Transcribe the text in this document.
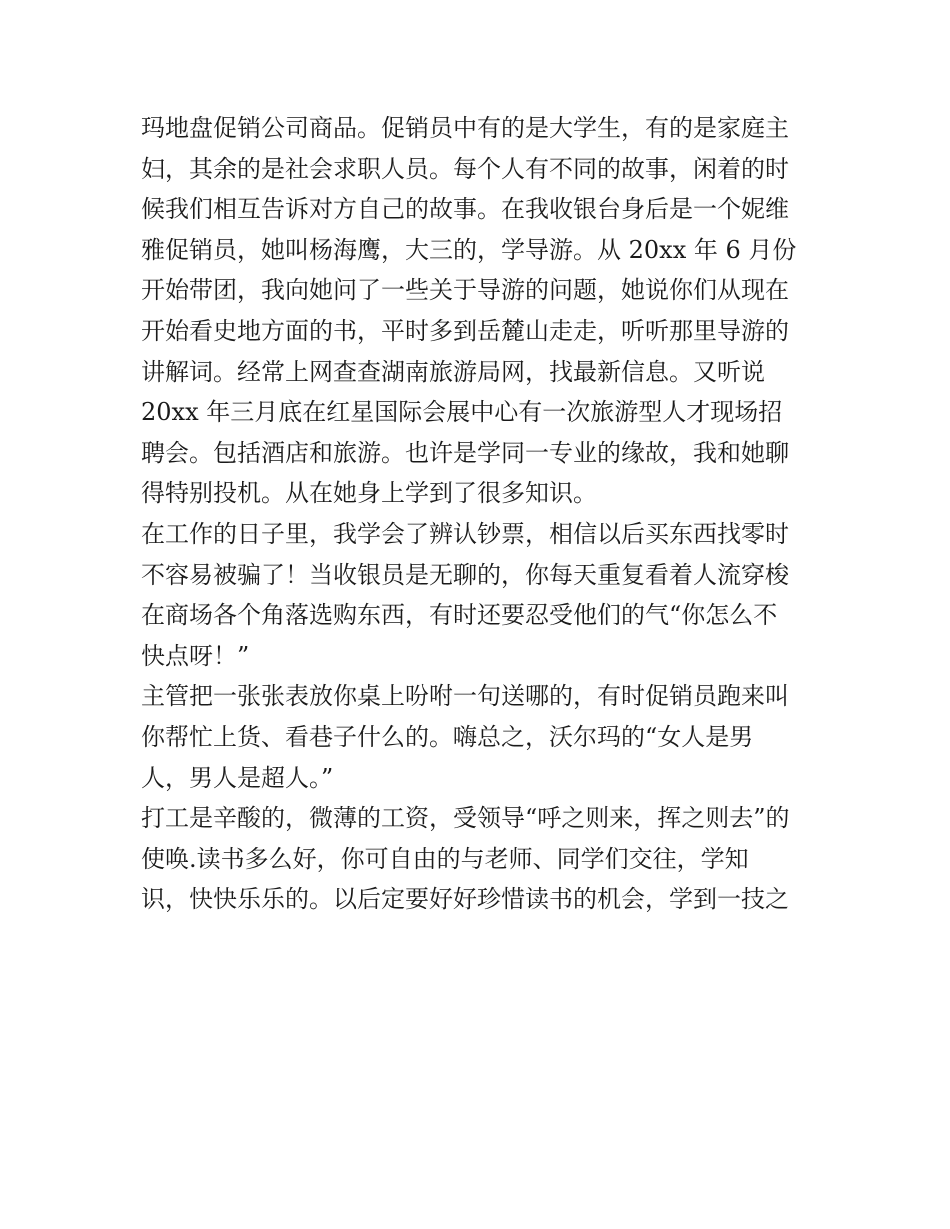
玛地盘促销公司商品。促销员中有的是大学生，有的是家庭主
妇，其余的是社会求职人员。每个人有不同的故事，闲着的时
候我们相互告诉对方自己的故事。在我收银台身后是一个妮维
雅促销员，她叫杨海鹰，大三的，学导游。从 20xx 年 6 月份
开始带团，我向她问了一些关于导游的问题，她说你们从现在
开始看史地方面的书，平时多到岳麓山走走，听听那里导游的
讲解词。经常上网查查湖南旅游局网，找最新信息。又听说
20xx 年三月底在红星国际会展中心有一次旅游型人才现场招
聘会。包括酒店和旅游。也许是学同一专业的缘故，我和她聊
得特别投机。从在她身上学到了很多知识。
在工作的日子里，我学会了辨认钞票，相信以后买东西找零时
不容易被骗了！当收银员是无聊的，你每天重复看着人流穿梭
在商场各个角落选购东西，有时还要忍受他们的气“你怎么不
快点呀！”
主管把一张张表放你桌上吩咐一句送哪的，有时促销员跑来叫
你帮忙上货、看巷子什么的。嗨总之，沃尔玛的“女人是男
人，男人是超人。”
打工是辛酸的，微薄的工资，受领导“呼之则来，挥之则去”的
使唤.读书多么好，你可自由的与老师、同学们交往，学知
识，快快乐乐的。以后定要好好珍惜读书的机会，学到一技之
